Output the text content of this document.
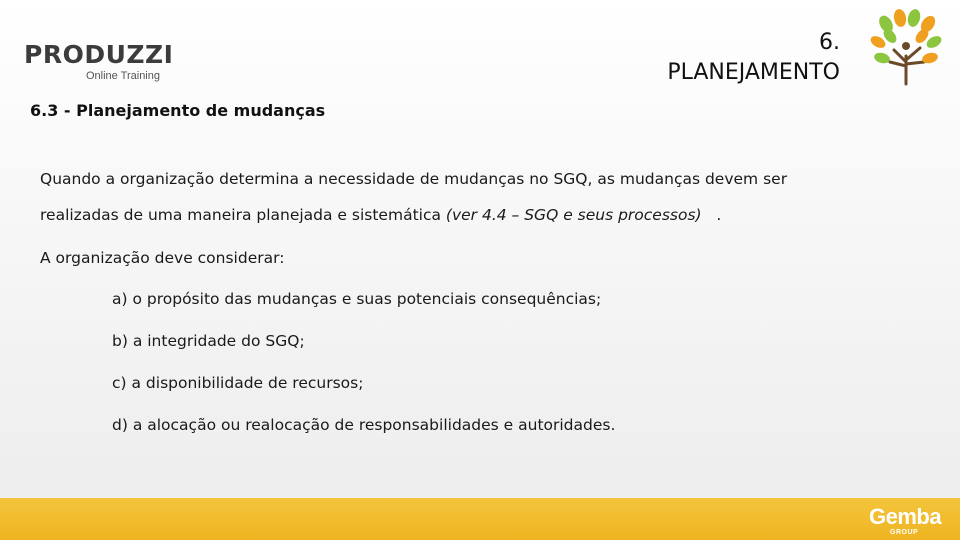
PRODUZZI
Online Training
6.
PLANEJAMENTO
6.3 - Planejamento de mudanças
Quando a organização determina a necessidade de mudanças no SGQ, as mudanças devem ser
realizadas de uma maneira planejada e sistemática (ver 4.4 – SGQ e seus processos)   .
A organização deve considerar:
a) o propósito das mudanças e suas potenciais consequências;
b) a integridade do SGQ;
c) a disponibilidade de recursos;
d) a alocação ou realocação de responsabilidades e autoridades.
Gemba
GROUP
